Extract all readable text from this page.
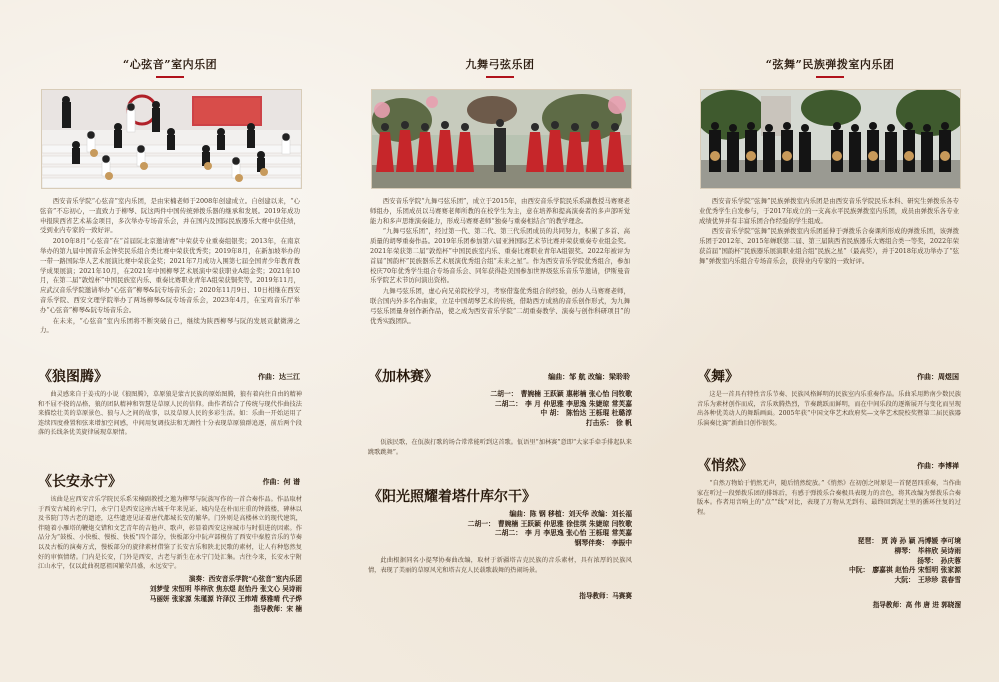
“心弦音”室内乐团

西安音乐学院“心弦音”室内乐团，是由宋楠老师于2008年创建成立。自创建以来，“心弦音”不忘初心，一直致力于柳琴、阮这两件中国传统弹拨乐器的继承和发展。2019年成功申报陕西省艺术基金项目，多次举办专场音乐会，并在国内及国际民族器乐大赛中获佳绩，受到业内专家的一致好评。

2010年8月“心弦音”在“首届阮北京邀请赛”中荣获专业重奏组银奖；2013年，在南京举办的第九届中国音乐金钟奖民乐组合类比赛中荣获优秀奖；2019年8月，在新加坡举办的一带一路国际华人艺术展演比赛中荣获金奖；2021年7月成功入围第七届全国青少年教育教学成果展演；2021年10月，在2021年中国柳琴艺术展演中荣获职业A组金奖；2021年10月，在第二届“敦煌杯”中国民族室内乐、重奏比赛职业青年A组荣获铜奖等。2019年11月，应武汉音乐学院邀请举办“心弦音”柳琴&阮专场音乐会；2020年11月9日、10日相继在西安音乐学院、西安文理学院举办了两场柳琴&阮专场音乐会，2023年4月，在宝鸡音乐厅举办“心弦音”柳琴&阮专场音乐会。

在未来，“心弦音”室内乐团将不断突破自己，继续为陕西柳琴与阮的发展贡献微薄之力。

《狼图腾》	作曲：达三江
曲灵感来自于姜戎的小说《狼图腾》，草原狼是蒙古民族的原始图腾，狼有着向往自由的精神和不屈不挠的品格，狼的团队精神和智慧是草原人民的信仰。曲作者结合了传统与现代作曲技法来描绘壮美的草原景色、狼与人之间的故事，以及草原人民的多彩生活。如：乐曲一开始运用了连续四度叠置和弦来增加空间感，中间用复调技法和无调性十分表现草原狼群追逐，前后两个段落的长线条优美旋律展现草原情。
《长安永宁》	作曲：何 谱
该曲是应西安音乐学院民乐系宋楠副教授之邀为柳琴与阮族写作的一首合奏作品。作品取材于西安古城的永宁门，永宁门是西安这座古城千年来见证、城内是在朴而庄重的钟鼓楼，碑林以及书院门等古老的遗迹，这些遗迹见证着唐代都城长安的繁华。门外则是高楼林立的现代建筑，伴随着小雁塔的鞭炮交错和文艺青年的吉他声、歌声，彰显着西安这座城市与时俱进的因素。作品分为“鼓板、小快板、慢板、快板”四个部分，快板部分中阮声部模仿了西安中秦腔音乐的节奏以及古板的演奏方式，慢板部分的旋律素材借鉴了长安古乐和陕北民歌的素材，让人有种悠然复好的审慎情绪。门内是长安，门外是西安，古老与新生在永宁门处汇集。古往今来，长安永宁附江山永宁，仅以此曲祝愿祖国繁荣昌盛，永远安宁。
演奏：西安音乐学院“心弦音”室内乐团
刘梦莹 宋恒明 毕梓欣 焦东煜 赵怡丹 张文心 吴诗雨
马丽妍 张家源 朱瑾源 许泽汉 王炜靖 蔡雅晴 代子烨
指导教师：宋 楠
九舞弓弦乐团

西安音乐学院“九舞弓弦乐团”，成立于2015年，由西安音乐学院民乐系副教授马赛赛老师组办，乐团成员以马赛赛老师所教的在校学生为主，意在培养和提高演奏者的多声部听觉能力和多声思维演奏能力，形成马赛赛老师“独奏与重奏相结合”的教学理念。

“九舞弓弦乐团”，经过第一代、第二代、第三代乐团成员的共同努力，积累了多首、高质量的胡琴重奏作品。2019年乐团参加第六届亚洲国际艺术节比赛并荣获重奏专业组金奖。2021年荣获第二届“敦煌杯”中国民族室内乐、重奏比赛职业青年A组银奖。2022年被评为首届“国韵杯”民族器乐艺术展演优秀组合组“未来之星”。作为西安音乐学院优秀组合，参加校庆70年优秀学生组合专场音乐会、同年获得赴美国参加世界级弦乐音乐节邀请，伊斯曼音乐学院艺术节访问演出资格。

九舞弓弦乐团，虚心向兄弟院校学习，考察借鉴优秀组合的经验，创办人马赛赛老师，联合国内外多名作曲家，立足中国胡琴艺术的传统，借助西方成熟的音乐创作形式，为九舞弓弦乐团量身创作新作品，使之成为西安音乐学院“二胡重奏教学、演奏与创作科研项目”的优秀实践团队。

《加林赛》	编曲：邹 航 改编：梁聆聆
二胡一： 曹婉楠 王跃颖 惠彬楠 张心怡 闫牧歌
二胡二： 李 月 仲思雅 李思逸 朱婕琼 常芙嘉
中 胡： 陈怡达 王栎琨 杜璐淳
打击乐： 徐 帆
佤族民歌，在佤族打歌的场合常常能听到这首歌。佤语里“加林赛”意即“大家手牵手排起队来跳歌跳舞”。
《阳光照耀着塔什库尔干》
编曲：陈 钢 移植：刘天华 改编：刘长福
二胡一： 曹婉楠 王跃颖 仲思雅 徐佳琪 朱婕琼 闫牧歌
二胡二： 李 月 李思逸 张心怡 王栎琨 常芙嘉
钢琴伴奏： 李振中
此曲根据同名小提琴协奏曲改编，取材于新疆塔吉克民族的音乐素材，具有浓厚的民族风情，表现了美丽的草原风光和塔吉克人民载歌载舞的热闹场景。
指导教师：马赛赛
“弦舞”民族弹拨室内乐团

西安音乐学院“弦舞”民族弹拨室内乐团是由西安音乐学院民乐本科、研究生弹拨乐各专业优秀学生自发参与，于2017年成立的一支高水平民族弹拨室内乐团，成员由弹拨乐各专业成绩优异并有丰富乐团合作经验的学生组成。

西安音乐学院“弦舞”民族弹拨室内乐团延伸于弹拨乐合奏课所形成的弹拨乐团，该弹拨乐团于2012年、2015年蝉联第二届、第三届陕西省民族器乐大赛组合类一等奖，2022年荣获首届“国韵杯”民族器乐展演职业组合组“民族之星”（最高奖），并于2018年成功举办了“弦舞”弹拨室内乐组合专场音乐会，获得业内专家的一致好评。

《舞》	作曲：周煜国
这是一首具有特性音乐节奏、民族风格鲜明的民族室内乐重奏作品。乐曲采用黔南少数民族音乐为素材创作而成，音乐欢腾热烈，节奏跳跃而鲜明，而在中间乐段的逐渐展开与变化而呈现出各种优美动人的舞蹈画面。2005年获“中国文华艺术政府奖—文华艺术院校奖暨第二届民族器乐演奏比赛”新曲目创作银奖。
《悄然》	作曲：李博禅
“自然万物始于悄然无声，随后悄然绽放。”《悄然》在初创之时原是一首琵琶四重奏，当作曲家在听过一段弹拨乐团的排练后，有感于弹拨乐合奏极具表现力的音色，将其改编为弹拨乐合奏版本。作者用音响上的“点”“线”对比，表现了万物从无到有、最终回到泥土里的循环往复的过程。
琵琶： 贾 涛 孙 颖 冯博媛 李可境
柳琴： 毕梓欣 吴诗雨
扬琴： 孙庆蓉
中阮： 廖嘉祺 赵怡丹 宋恒明 张家源
大阮： 王珍珍 袁春雪
指导教师：高 伟 唐 进 郭晓溜
